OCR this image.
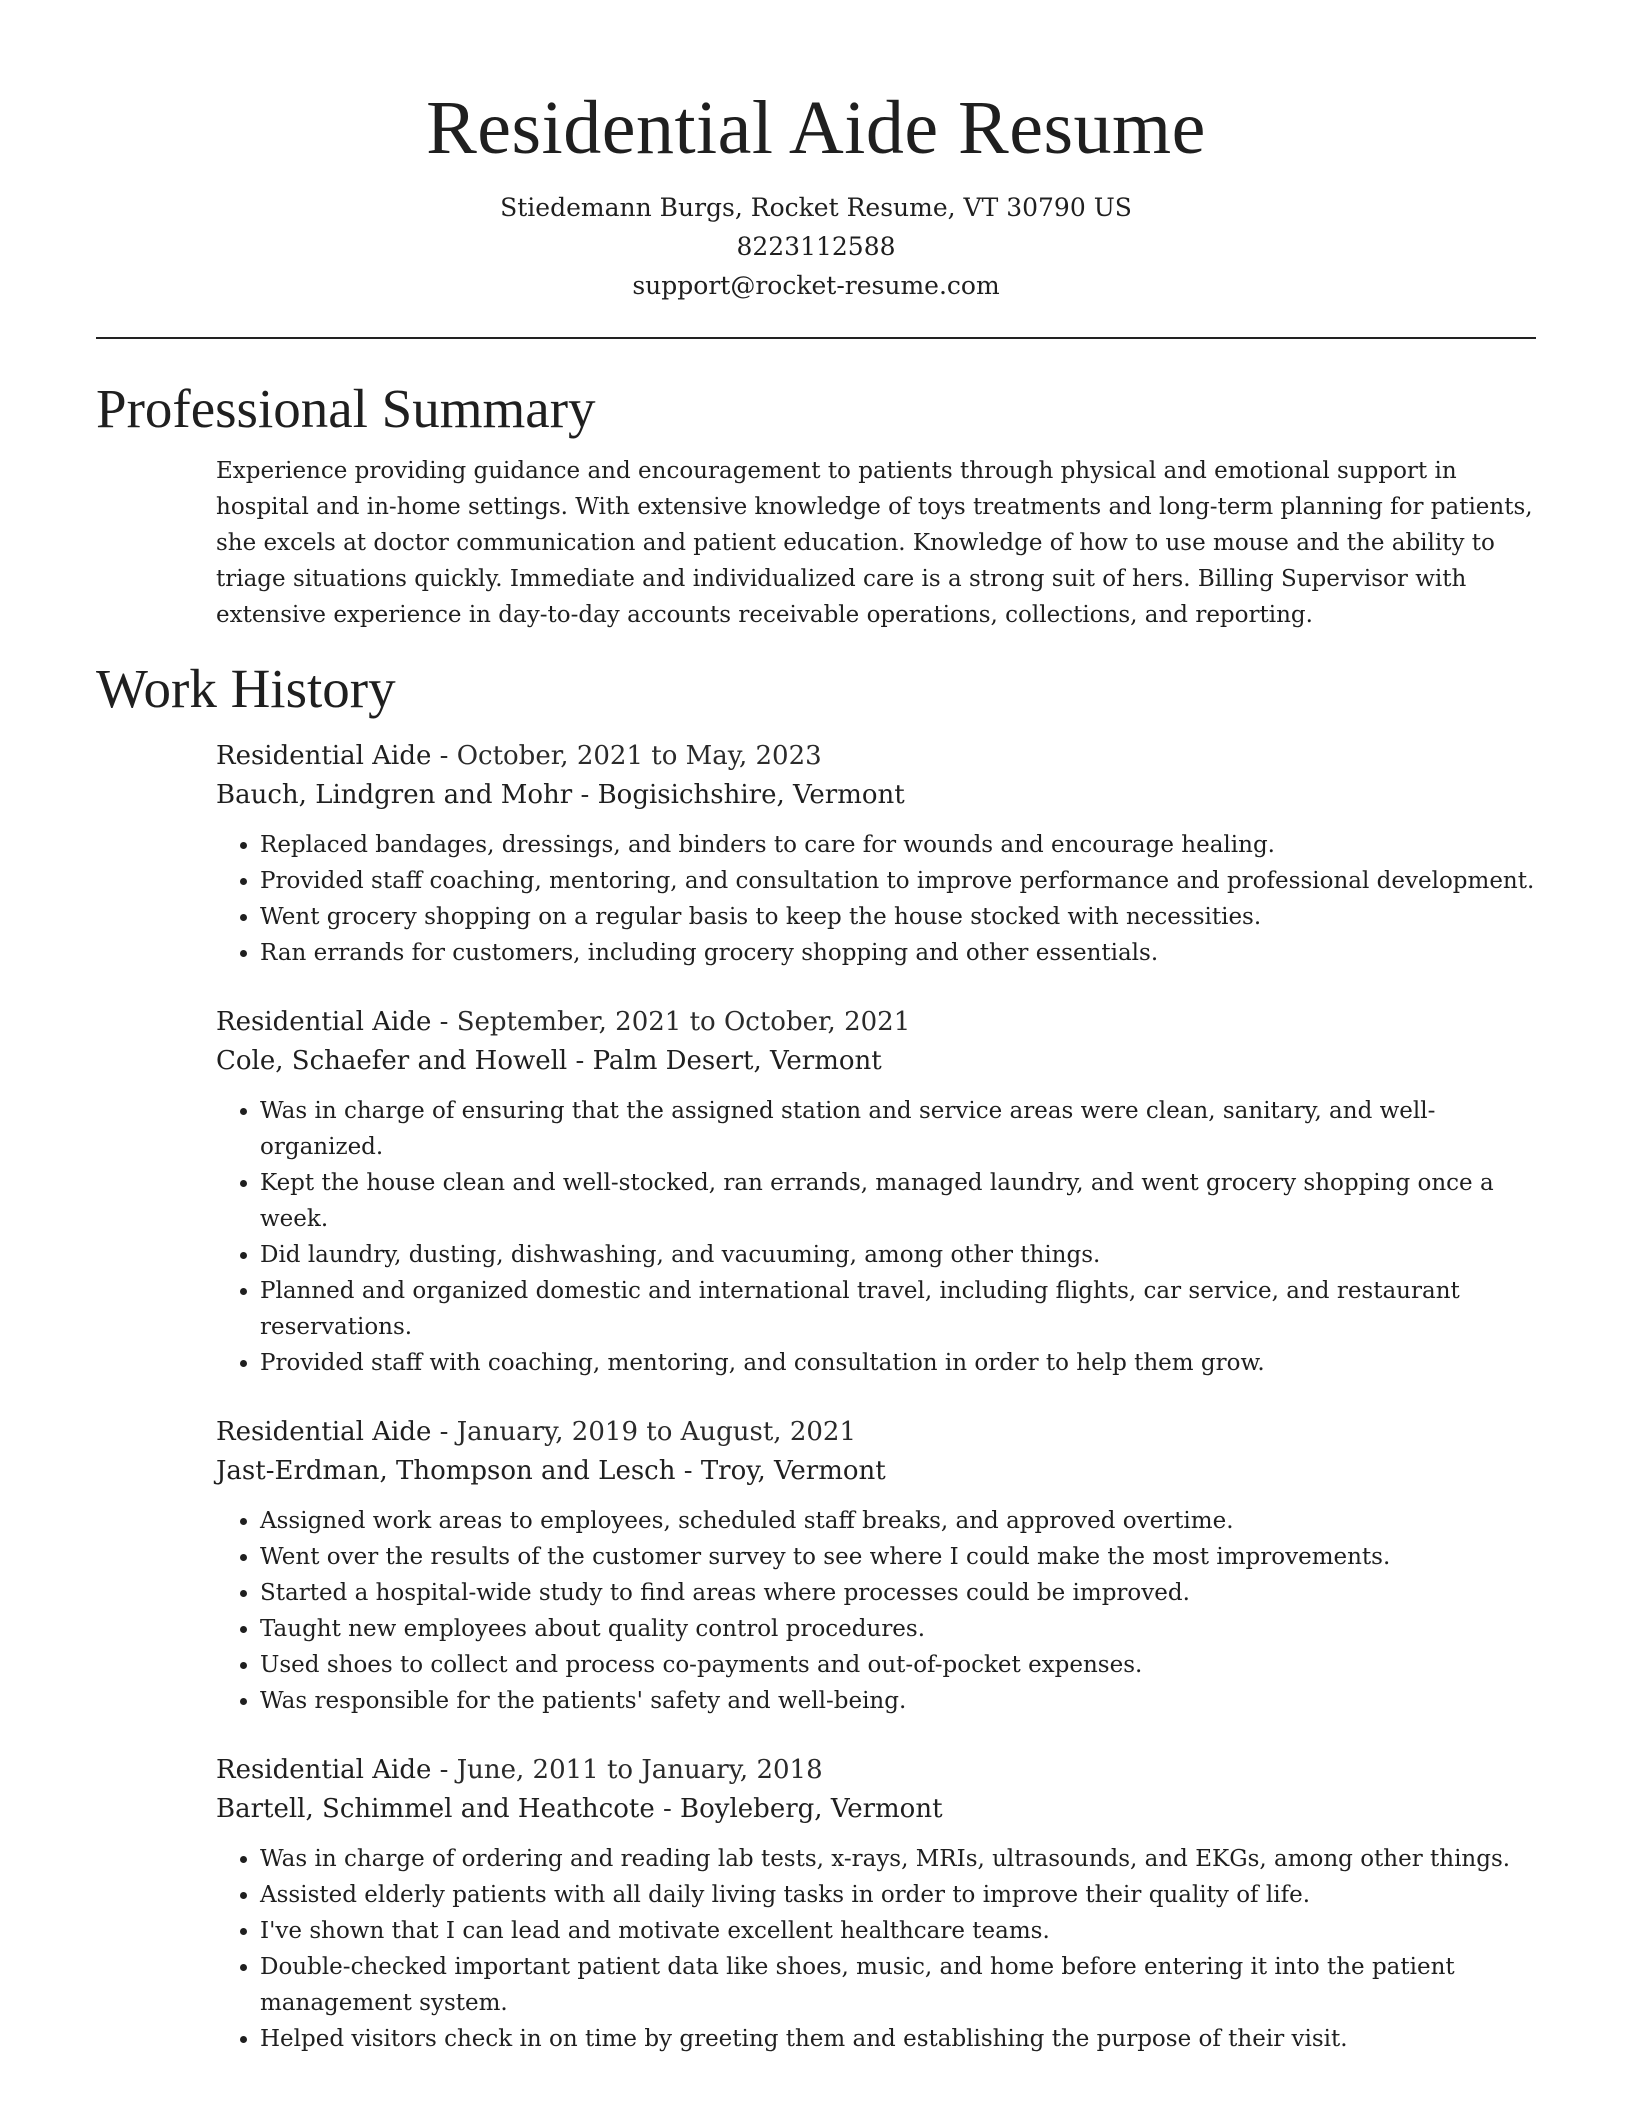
Residential Aide Resume
Stiedemann Burgs, Rocket Resume, VT 30790 US
8223112588
support@rocket-resume.com
Professional Summary
Experience providing guidance and encouragement to patients through physical and emotional support in hospital and in-home settings. With extensive knowledge of toys treatments and long-term planning for patients, she excels at doctor communication and patient education. Knowledge of how to use mouse and the ability to triage situations quickly. Immediate and individualized care is a strong suit of hers. Billing Supervisor with extensive experience in day-to-day accounts receivable operations, collections, and reporting.
Work History
Residential Aide - October, 2021 to May, 2023
Bauch, Lindgren and Mohr - Bogisichshire, Vermont
• Replaced bandages, dressings, and binders to care for wounds and encourage healing.
• Provided staff coaching, mentoring, and consultation to improve performance and professional development.
• Went grocery shopping on a regular basis to keep the house stocked with necessities.
• Ran errands for customers, including grocery shopping and other essentials.
Residential Aide - September, 2021 to October, 2021
Cole, Schaefer and Howell - Palm Desert, Vermont
• Was in charge of ensuring that the assigned station and service areas were clean, sanitary, and well-organized.
• Kept the house clean and well-stocked, ran errands, managed laundry, and went grocery shopping once a week.
• Did laundry, dusting, dishwashing, and vacuuming, among other things.
• Planned and organized domestic and international travel, including flights, car service, and restaurant reservations.
• Provided staff with coaching, mentoring, and consultation in order to help them grow.
Residential Aide - January, 2019 to August, 2021
Jast-Erdman, Thompson and Lesch - Troy, Vermont
• Assigned work areas to employees, scheduled staff breaks, and approved overtime.
• Went over the results of the customer survey to see where I could make the most improvements.
• Started a hospital-wide study to find areas where processes could be improved.
• Taught new employees about quality control procedures.
• Used shoes to collect and process co-payments and out-of-pocket expenses.
• Was responsible for the patients' safety and well-being.
Residential Aide - June, 2011 to January, 2018
Bartell, Schimmel and Heathcote - Boyleberg, Vermont
• Was in charge of ordering and reading lab tests, x-rays, MRIs, ultrasounds, and EKGs, among other things.
• Assisted elderly patients with all daily living tasks in order to improve their quality of life.
• I've shown that I can lead and motivate excellent healthcare teams.
• Double-checked important patient data like shoes, music, and home before entering it into the patient management system.
• Helped visitors check in on time by greeting them and establishing the purpose of their visit.
